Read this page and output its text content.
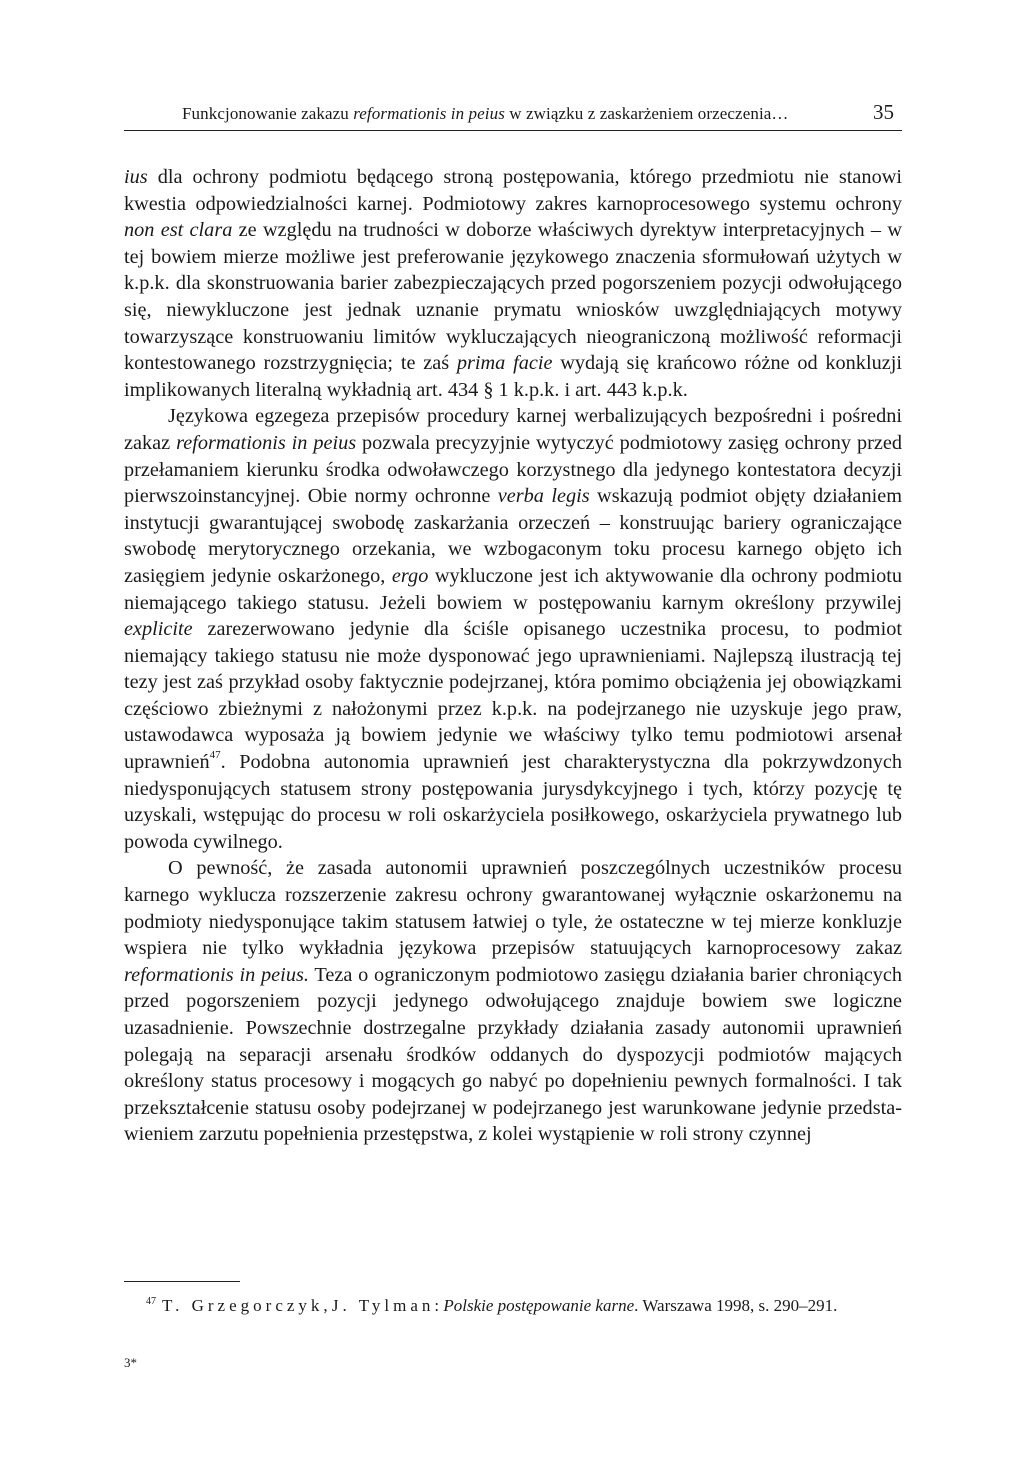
Funkcjonowanie zakazu reformationis in peius w związku z zaskarżeniem orzeczenia…	35

ius dla ochrony podmiotu będącego stroną postępowania, którego przedmiotu nie stanowi kwestia odpowiedzialności karnej. Podmiotowy zakres karnoprocesowego systemu ochrony non est clara ze względu na trudności w doborze właściwych dyrektyw interpretacyjnych – w tej bowiem mierze możliwe jest preferowanie językowego znaczenia sformułowań użytych w k.p.k. dla skonstruowania barier zabezpieczających przed pogorszeniem pozycji odwołującego się, niewykluczone jest jednak uznanie prymatu wniosków uwzględniających motywy towarzyszące konstruowaniu limitów wykluczających nieograniczoną możliwość reformacji kontestowanego rozstrzygnięcia; te zaś prima facie wydają się krańcowo różne od konkluzji implikowanych literalną wykładnią art. 434 § 1 k.p.k. i art. 443 k.p.k.

Językowa egzegeza przepisów procedury karnej werbalizujących bezpośredni i pośredni zakaz reformationis in peius pozwala precyzyjnie wytyczyć podmiotowy zasięg ochrony przed przełamaniem kierunku środka odwoławczego korzystnego dla jedynego kontestatora decyzji pierwszoinstancyjnej. Obie normy ochronne verba legis wskazują podmiot objęty działaniem instytucji gwarantującej swobodę zaskarżania orzeczeń – konstruując bariery ograniczające swobodę merytorycznego orzekania, we wzbogaconym toku procesu karnego objęto ich zasięgiem jedynie oskarżonego, ergo wykluczone jest ich aktywowanie dla ochrony podmiotu niemającego takiego statusu. Jeżeli bowiem w postępowaniu karnym określony przywilej explicite zarezerwowano jedynie dla ściśle opisanego uczestnika procesu, to podmiot niemający takiego statusu nie może dysponować jego uprawnieniami. Najlepszą ilustracją tej tezy jest zaś przykład osoby faktycznie podejrzanej, która pomimo obciążenia jej obowiązkami częściowo zbieżnymi z nałożonymi przez k.p.k. na podejrzanego nie uzyskuje jego praw, ustawodawca wyposaża ją bowiem jedynie we właściwy tylko temu podmiotowi arsenał uprawnień$^{47}$. Podobna autonomia uprawnień jest charakterystyczna dla pokrzywdzonych niedysponujących statusem strony postępowania jurysdykcyjnego i tych, którzy pozycję tę uzyskali, wstępując do procesu w roli oskarżyciela posiłkowego, oskarżyciela prywatnego lub powoda cywilnego.

O pewność, że zasada autonomii uprawnień poszczególnych uczestników procesu karnego wyklucza rozszerzenie zakresu ochrony gwarantowanej wyłącznie oskarżonemu na podmioty niedysponujące takim statusem łatwiej o tyle, że ostateczne w tej mierze konkluzje wspiera nie tylko wykładnia językowa przepisów statuujących karnoprocesowy zakaz reformationis in peius. Teza o ograniczonym podmiotowo zasięgu działania barier chroniących przed pogorszeniem pozycji jedynego odwołującego znajduje bowiem swe logiczne uzasadnienie. Powszechnie dostrzegalne przykłady działania zasady autonomii uprawnień polegają na separacji arsenału środków oddanych do dyspozycji podmiotów mających określony status procesowy i mogących go nabyć po dopełnieniu pewnych formalności. I tak przekształcenie statusu osoby podejrzanej w podejrzanego jest warunkowane jedynie przedstawieniem zarzutu popełnienia przestępstwa, z kolei wystąpienie w roli strony czynnej

$^{47}$ T. Grzegorczyk, J. Tylman: Polskie postępowanie karne. Warszawa 1998, s. 290–291.
3*
